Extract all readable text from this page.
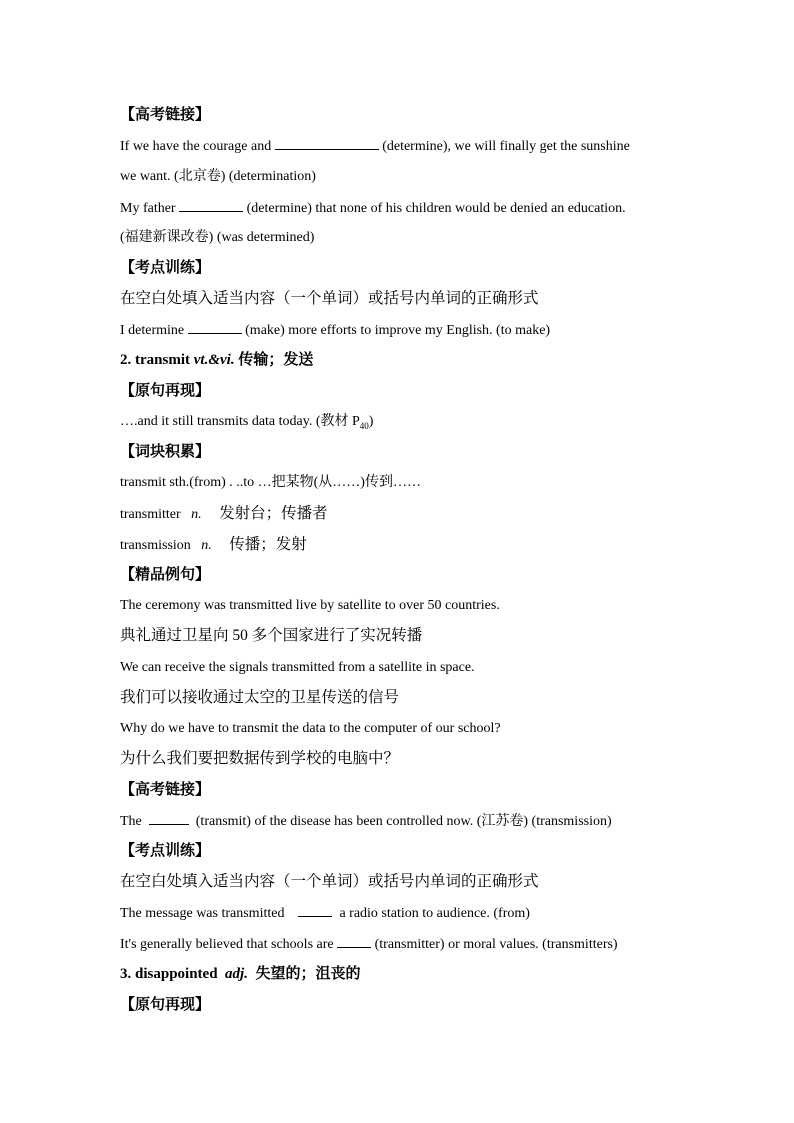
【高考链接】
If we have the courage and	(determine), we will finally get the sunshine
we want. (北京卷) (determination)
My father	(determine) that none of his children would be denied an education.
(福建新课改卷) (was determined)
【考点训练】
在空白处填入适当内容（一个单词）或括号内单词的正确形式
I determine	(make) more efforts to improve my English. (to make)
2. transmit vt.&vi. 传输；发送
【原句再现】
….and it still transmits data today. (教材 $P_{40}$)
【词块积累】
transmit sth.(from) . ..to …把某物(从……)传到……
transmitter n. 发射台；传播者
transmission n. 传播；发射
【精品例句】
The ceremony was transmitted live by satellite to over 50 countries.
典礼通过卫星向 50 多个国家进行了实况转播
We can receive the signals transmitted from a satellite in space.
我们可以接收通过太空的卫星传送的信号
Why do we have to transmit the data to the computer of our school?
为什么我们要把数据传到学校的电脑中？
【高考链接】
The	(transmit) of the disease has been controlled now. (江苏卷) (transmission)
【考点训练】
在空白处填入适当内容（一个单词）或括号内单词的正确形式
The message was transmitted	a radio station to audience. (from)
It's generally believed that schools are	(transmitter) or moral values. (transmitters)
3. disappointed adj. 失望的；沮丧的
【原句再现】
